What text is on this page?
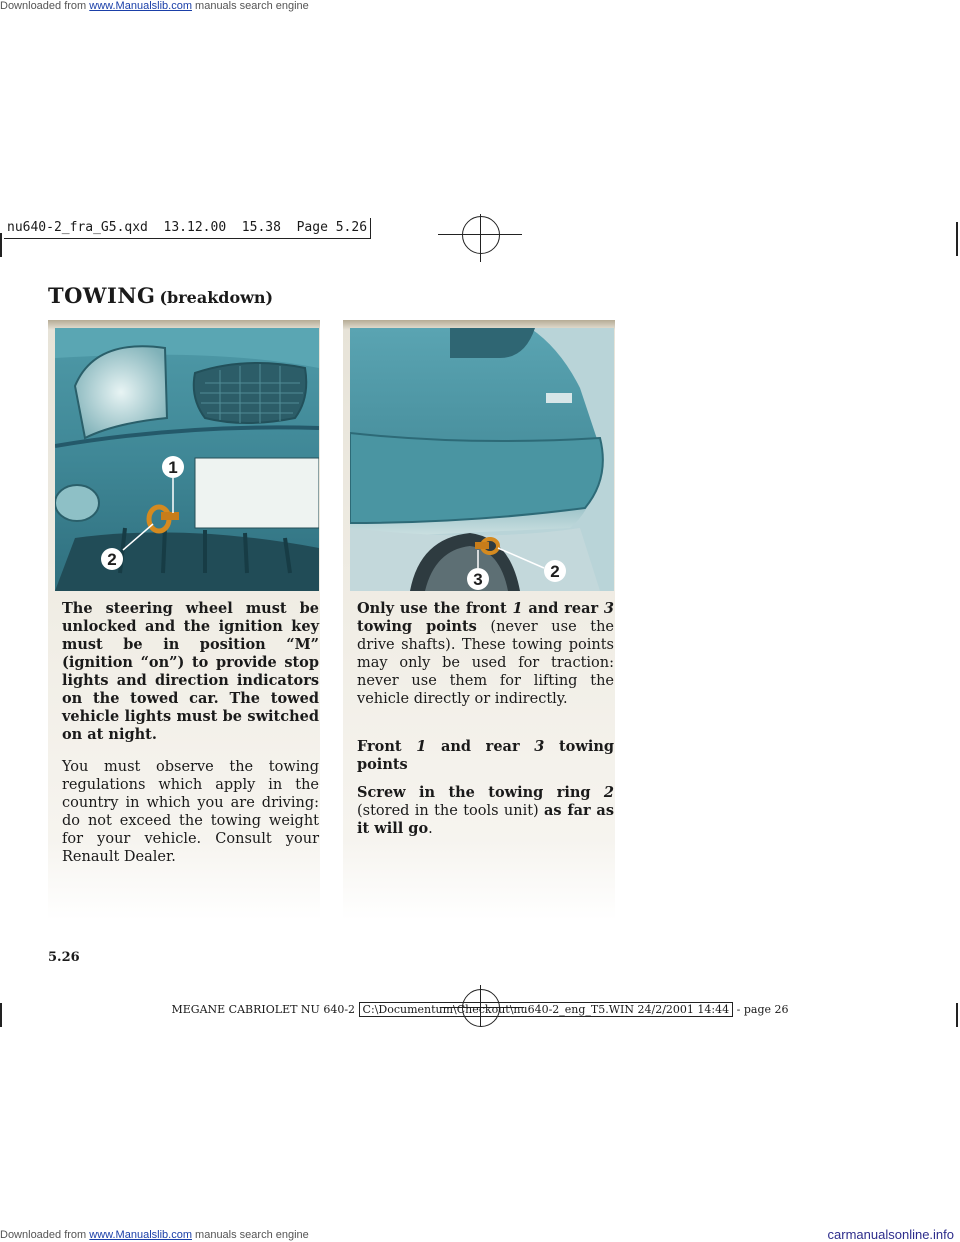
Downloaded from www.Manualslib.com manuals search engine
nu640-2_fra_G5.qxd  13.12.00  15.38  Page 5.26
TOWING (breakdown)
1
2
2
3

The steering wheel must be unlocked and the ignition key must be in position “M” (ignition “on”) to provide stop lights and direction indicators on the towed car. The towed vehicle lights must be switched on at night.

You must observe the towing regulations which apply in the country in which you are driving: do not exceed the towing weight for your vehicle. Consult your Renault Dealer.

Only use the front 1 and rear 3 towing points (never use the drive shafts). These towing points may only be used for traction: never use them for lifting the vehicle directly or indirectly.

Front 1 and rear 3 towing points

Screw in the towing ring 2 (stored in the tools unit) as far as it will go.

5.26
MEGANE CABRIOLET NU 640-2 C:\Documentum\Checkout\nu640-2_eng_T5.WIN 24/2/2001 14:44 - page 26
Downloaded from www.Manualslib.com manuals search engine	carmanualsonline.info
